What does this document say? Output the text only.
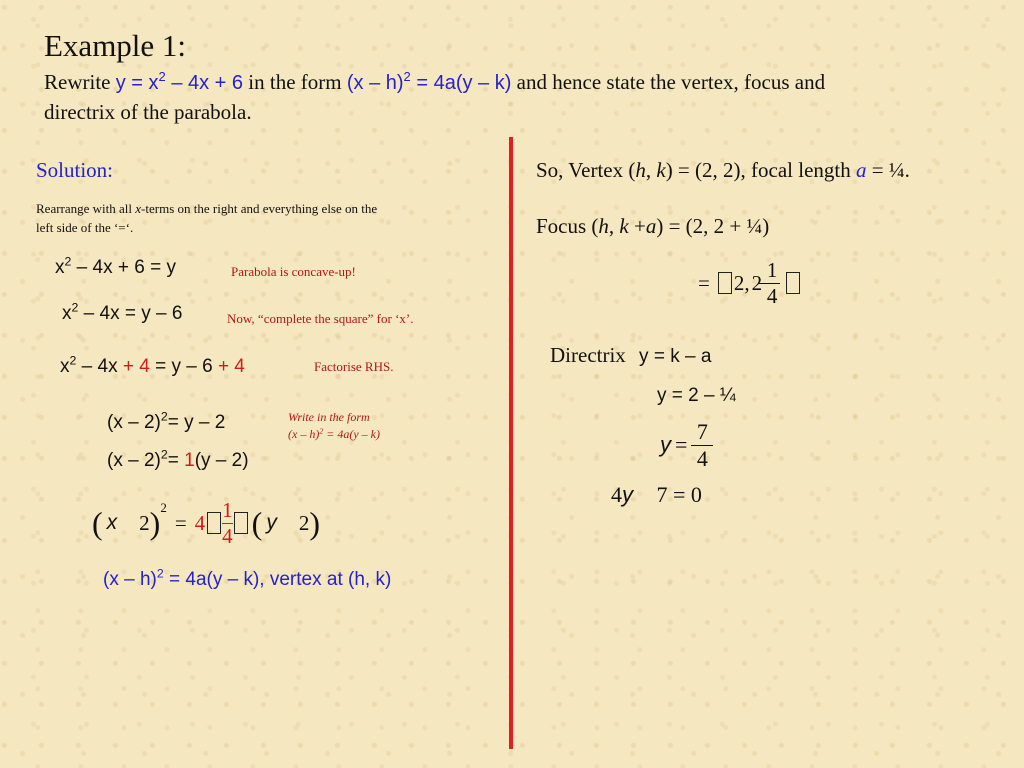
Example 1:
Rewrite $y = x^2 - 4x + 6$ in the form (x – h)$^2$ = 4a(y – k) and hence state the vertex, focus and
directrix of the parabola.
Solution:
Rearrange with all x-terms on the right and everything else on the
left side of the ‘=‘.
$x^2 - 4x + 6 = y$	Parabola is concave-up!
$x^2 - 4x = y - 6$	Now, “complete the square” for ‘x’.
$x^2 - 4x + 4 = y - 6 + 4$	Factorise RHS.
(x – 2)$^2$= y – 2	Write in the form
(x – h)$^2$ = 4a(y – k)
(x – 2)$^2$= 1(y – 2)
( x 2 ) 2
= $4 \frac{1}{4}$ ( y 2 )
(x – h)$^2$ = 4a(y – k), vertex at (h, k)
So, Vertex (h, k) = (2, 2), focal length a = ¼.
Focus (h, k +a) = (2, 2 + ¼)
= 2, $2 \frac{1}{4}$
Directrix y = k – a
y = 2 – ¼
$y = \frac{7}{4}$
4y 7 = 0
